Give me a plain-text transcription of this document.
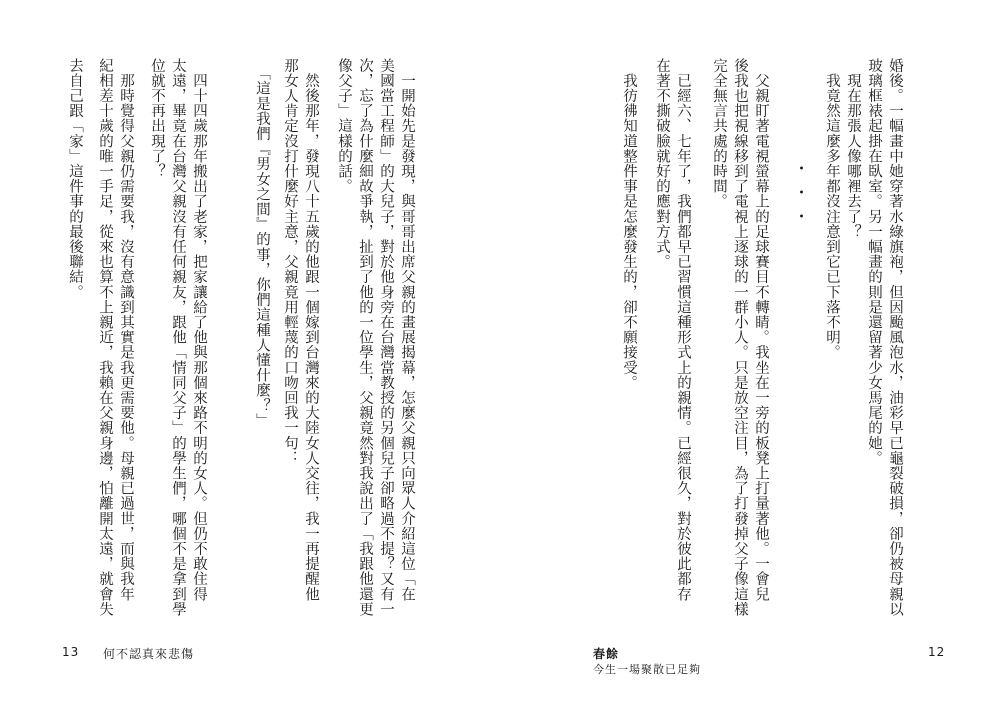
婚後。一幅畫中她穿著水綠旗袍，但因颱風泡水，油彩早已龜裂破損，卻仍被母親以
玻璃框裱起掛在臥室。另一幅畫的則是還留著少女馬尾的她。
　現在那張人像哪裡去了？
　我竟然這麼多年都沒注意到它已下落不明。
・・・
　父親盯著電視螢幕上的足球賽目不轉睛。我坐在一旁的板凳上打量著他。一會兒
後我也把視線移到了電視上逐球的一群小人。只是放空注目，為了打發掉父子像這樣
完全無言共處的時間。
　已經六、七年了，我們都早已習慣這種形式上的親情。已經很久，對於彼此都存
在著不撕破臉就好的應對方式。
　我彷彿知道整件事是怎麼發生的，卻不願接受。
春餘
今生一場聚散已足夠
12
　一開始先是發現，與哥哥出席父親的畫展揭幕，怎麼父親只向眾人介紹這位「在
美國當工程師」的大兒子，對於他身旁在台灣當教授的另個兒子卻略過不提？又有一
次，忘了為什麼細故爭執，扯到了他的一位學生，父親竟然對我說出了「我跟他還更
像父子」這樣的話。
　然後那年，發現八十五歲的他跟一個嫁到台灣來的大陸女人交往，我一再提醒他
那女人肯定沒打什麼好主意，父親竟用輕蔑的口吻回我一句：
　「這是我們『男女之間』的事，你們這種人懂什麼？」
　四十四歲那年搬出了老家，把家讓給了他與那個來路不明的女人。但仍不敢住得
太遠，畢竟在台灣父親沒有任何親友，跟他「情同父子」的學生們，哪個不是拿到學
位就不再出現了？
　那時覺得父親仍需要我，沒有意識到其實是我更需要他。母親已過世，而與我年
紀相差十歲的唯一手足，從來也算不上親近，我賴在父親身邊，怕離開太遠，就會失
去自己跟「家」這件事的最後聯結。
13 何不認真來悲傷
